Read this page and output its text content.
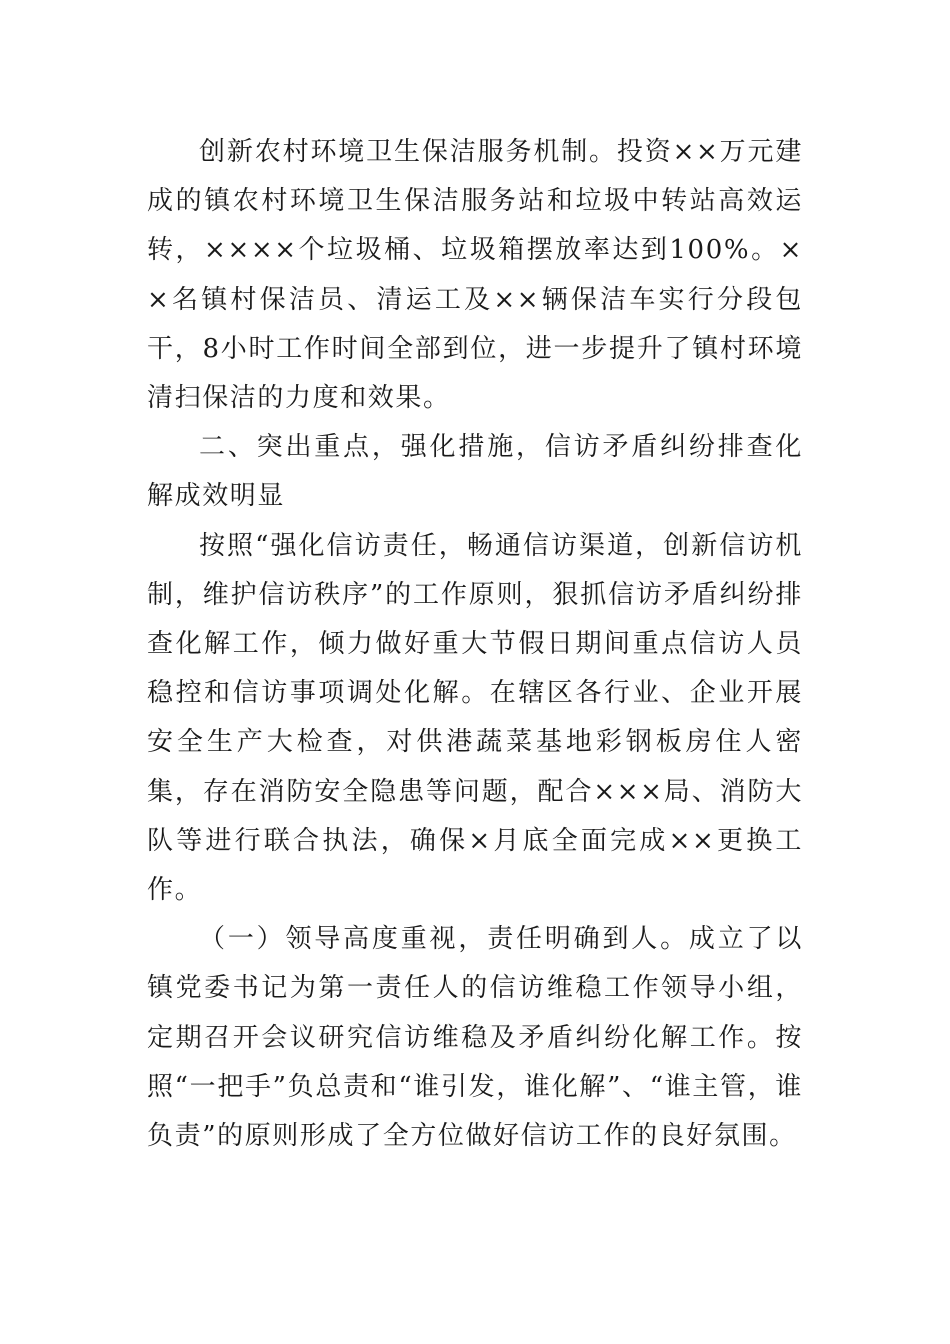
创新农村环境卫生保洁服务机制。投资××万元建成的镇农村环境卫生保洁服务站和垃圾中转站高效运转，××××个垃圾桶、垃圾箱摆放率达到100%。××名镇村保洁员、清运工及××辆保洁车实行分段包干，8小时工作时间全部到位，进一步提升了镇村环境清扫保洁的力度和效果。

二、突出重点，强化措施，信访矛盾纠纷排查化解成效明显

按照“强化信访责任，畅通信访渠道，创新信访机制，维护信访秩序”的工作原则，狠抓信访矛盾纠纷排查化解工作，倾力做好重大节假日期间重点信访人员稳控和信访事项调处化解。在辖区各行业、企业开展安全生产大检查，对供港蔬菜基地彩钢板房住人密集，存在消防安全隐患等问题，配合×××局、消防大队等进行联合执法，确保×月底全面完成××更换工作。

（一）领导高度重视，责任明确到人。成立了以镇党委书记为第一责任人的信访维稳工作领导小组，定期召开会议研究信访维稳及矛盾纠纷化解工作。按照“一把手”负总责和“谁引发，谁化解”、“谁主管，谁负责”的原则形成了全方位做好信访工作的良好氛围。
